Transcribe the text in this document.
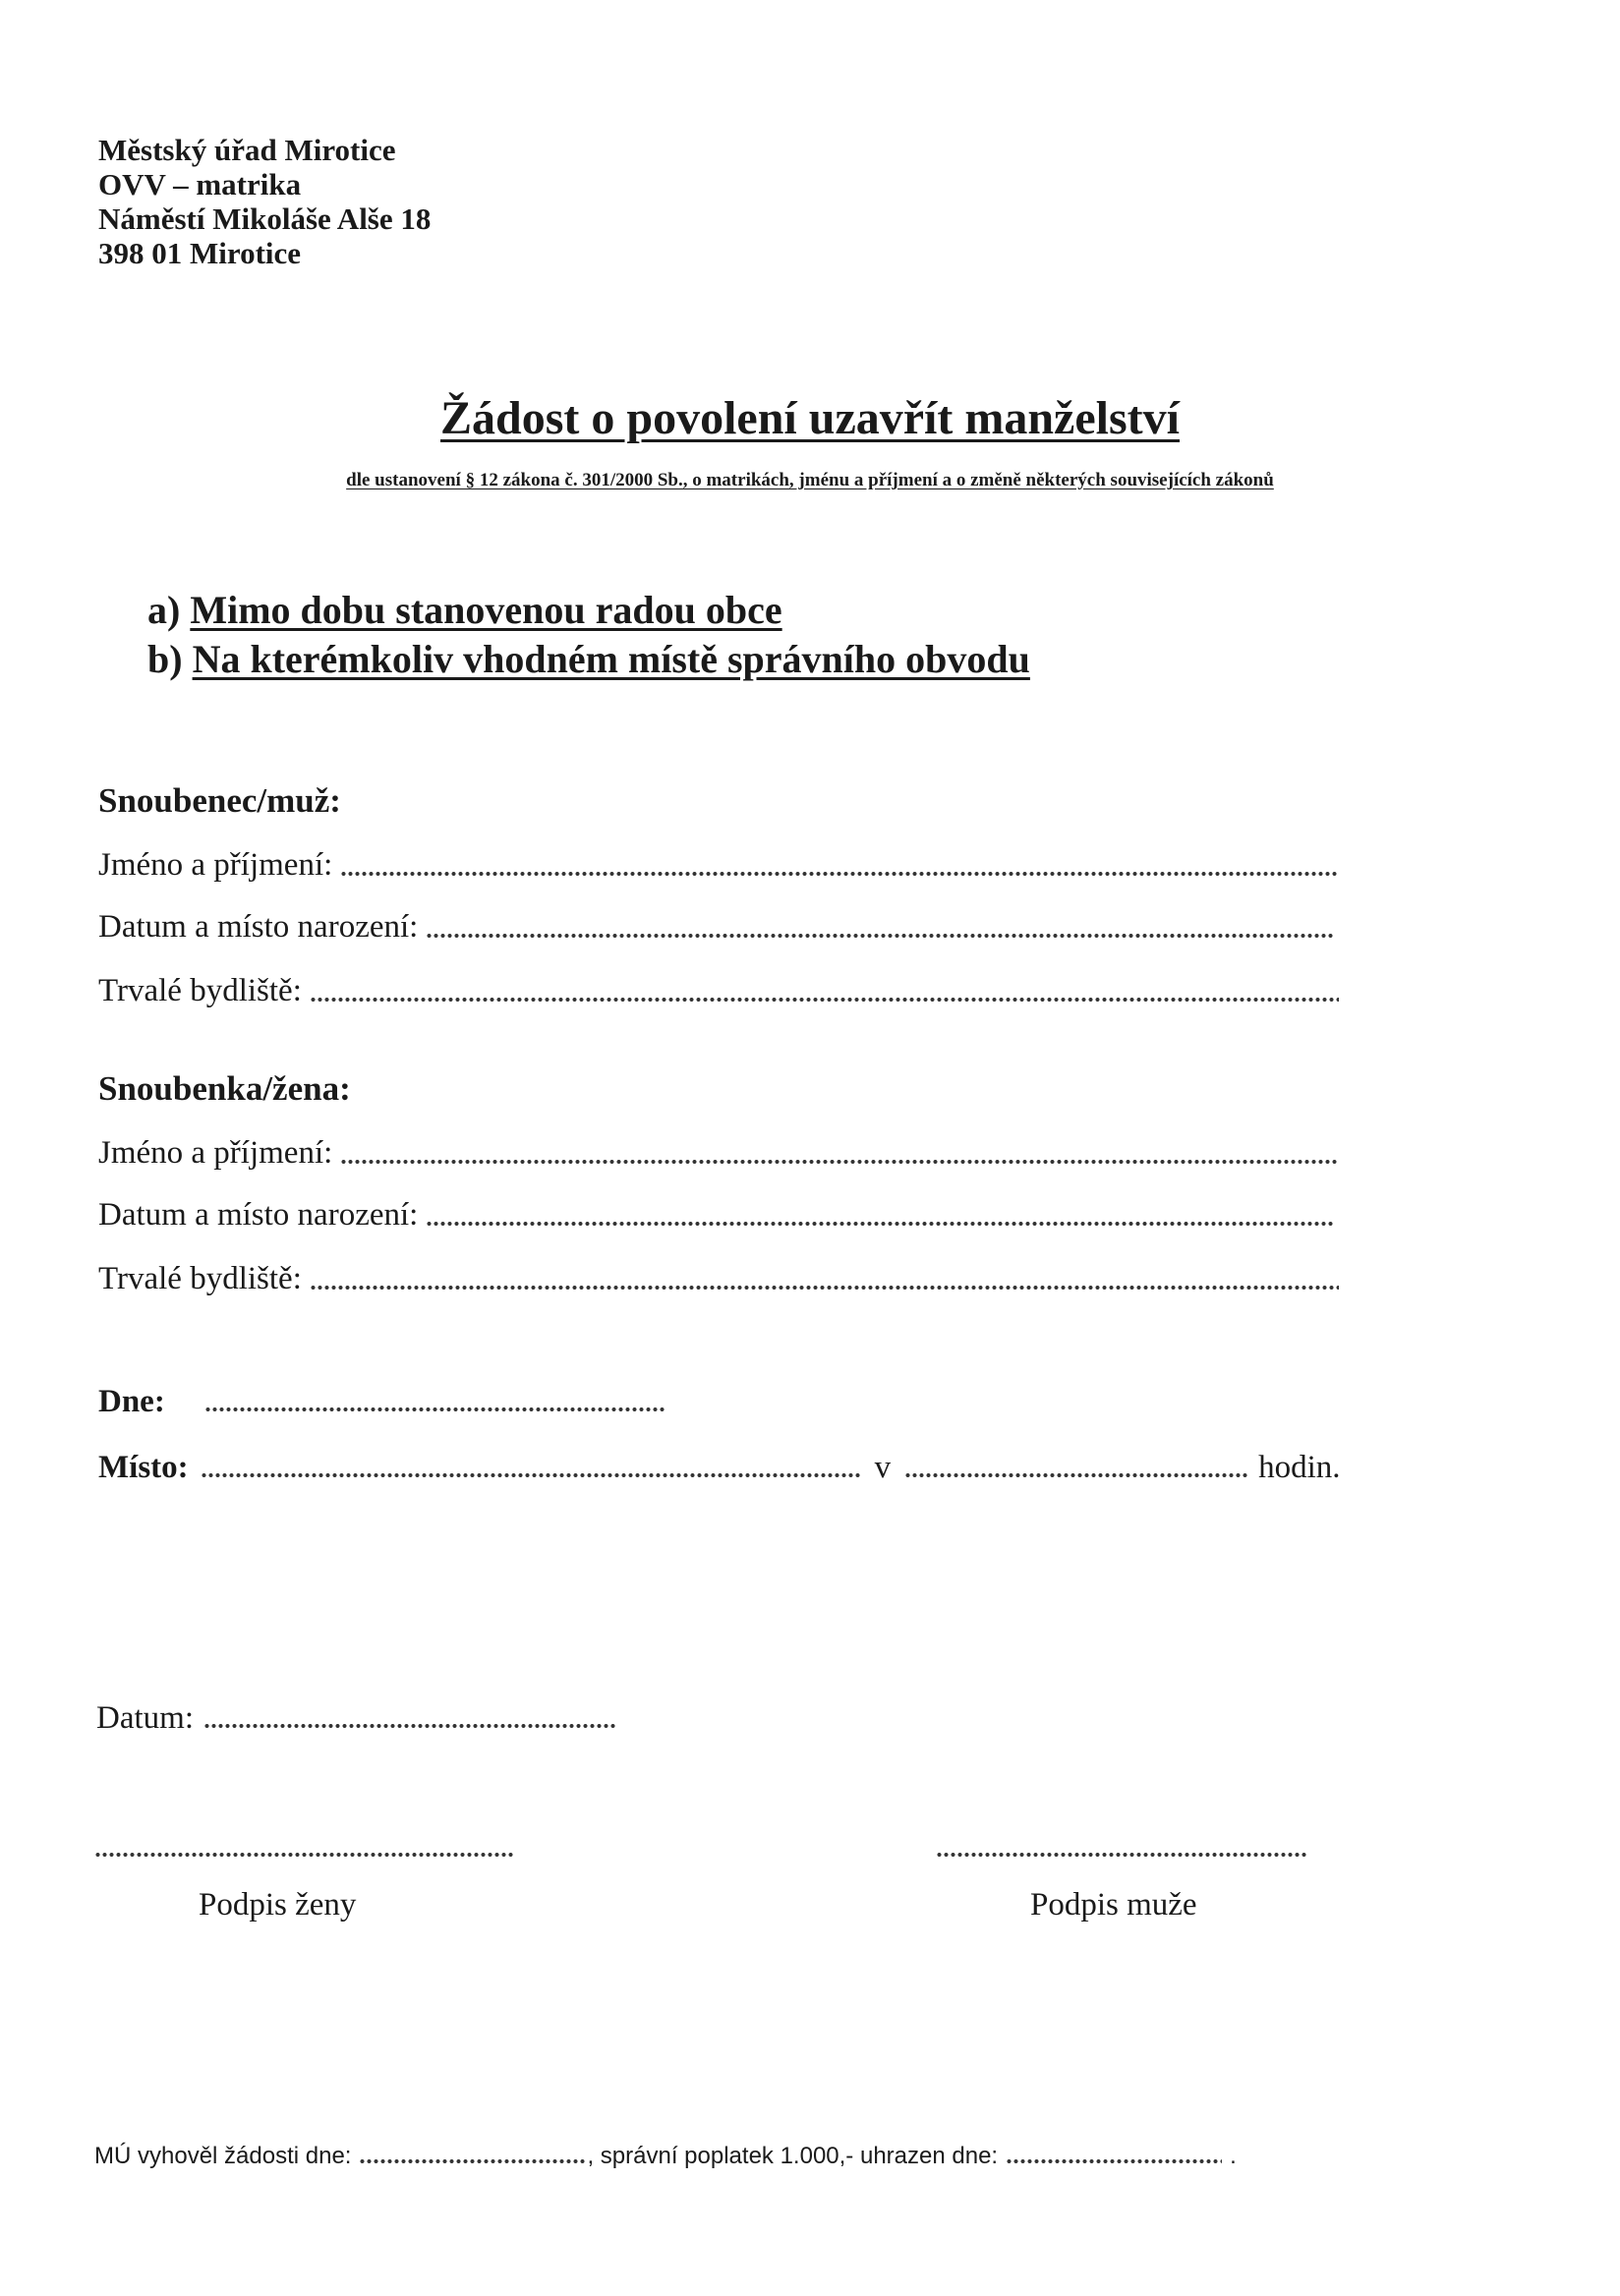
Městský úřad Mirotice
OVV – matrika
Náměstí Mikoláše Alše 18
398 01 Mirotice
Žádost o povolení uzavřít manželství
dle ustanovení § 12 zákona č. 301/2000 Sb., o matrikách, jménu a příjmení a o změně některých souvisejících zákonů
a) Mimo dobu stanovenou radou obce
b) Na kterémkoliv vhodném místě správního obvodu
Snoubenec/muž:
Jméno a příjmení:
Datum a místo narození:
Trvalé bydliště:
Snoubenka/žena:
Jméno a příjmení:
Datum a místo narození:
Trvalé bydliště:
Dne:
Místo:	v	hodin.
Datum:
Podpis ženy	Podpis muže
MÚ vyhověl žádosti dne:	, správní poplatek 1.000,- uhrazen dne:	.
